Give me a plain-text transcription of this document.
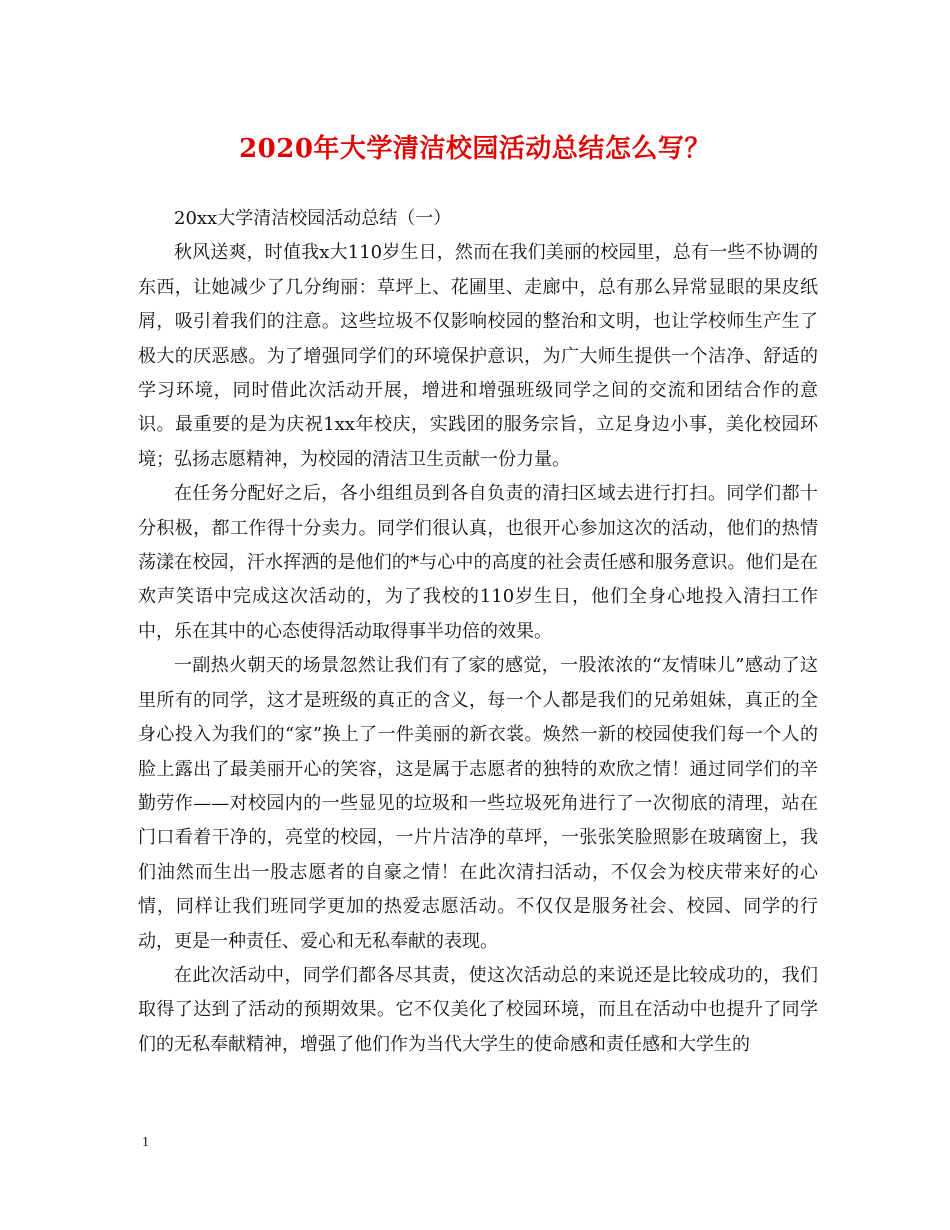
2020年大学清洁校园活动总结怎么写？

20xx大学清洁校园活动总结（一）

秋风送爽，时值我x大110岁生日，然而在我们美丽的校园里，总有一些不协调的东西，让她减少了几分绚丽：草坪上、花圃里、走廊中，总有那么异常显眼的果皮纸屑，吸引着我们的注意。这些垃圾不仅影响校园的整治和文明，也让学校师生产生了极大的厌恶感。为了增强同学们的环境保护意识，为广大师生提供一个洁净、舒适的学习环境，同时借此次活动开展，增进和增强班级同学之间的交流和团结合作的意识。最重要的是为庆祝1xx年校庆，实践团的服务宗旨，立足身边小事，美化校园环境；弘扬志愿精神，为校园的清洁卫生贡献一份力量。

在任务分配好之后，各小组组员到各自负责的清扫区域去进行打扫。同学们都十分积极，都工作得十分卖力。同学们很认真，也很开心参加这次的活动，他们的热情荡漾在校园，汗水挥洒的是他们的*与心中的高度的社会责任感和服务意识。他们是在欢声笑语中完成这次活动的，为了我校的110岁生日，他们全身心地投入清扫工作中，乐在其中的心态使得活动取得事半功倍的效果。

一副热火朝天的场景忽然让我们有了家的感觉，一股浓浓的“友情味儿”感动了这里所有的同学，这才是班级的真正的含义，每一个人都是我们的兄弟姐妹，真正的全身心投入为我们的“家”换上了一件美丽的新衣裳。焕然一新的校园使我们每一个人的脸上露出了最美丽开心的笑容，这是属于志愿者的独特的欢欣之情！通过同学们的辛勤劳作——对校园内的一些显见的垃圾和一些垃圾死角进行了一次彻底的清理，站在门口看着干净的，亮堂的校园，一片片洁净的草坪，一张张笑脸照影在玻璃窗上，我们油然而生出一股志愿者的自豪之情！在此次清扫活动，不仅会为校庆带来好的心情，同样让我们班同学更加的热爱志愿活动。不仅仅是服务社会、校园、同学的行动，更是一种责任、爱心和无私奉献的表现。

在此次活动中，同学们都各尽其责，使这次活动总的来说还是比较成功的，我们取得了达到了活动的预期效果。它不仅美化了校园环境，而且在活动中也提升了同学们的无私奉献精神，增强了他们作为当代大学生的使命感和责任感和大学生的

1
